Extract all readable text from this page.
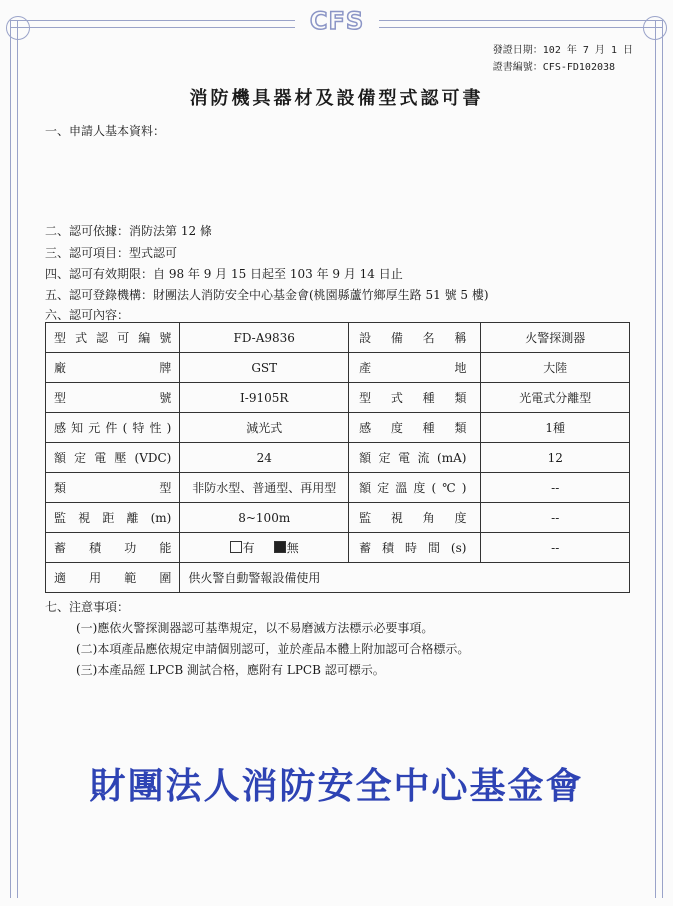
CFS
發證日期：102 年 7 月 1 日
證書編號：CFS-FD102038
消防機具器材及設備型式認可書
一、申請人基本資料：
二、認可依據：消防法第 12 條
三、認可項目：型式認可
四、認可有效期限：自 98 年 9 月 15 日起至 103 年 9 月 14 日止
五、認可登錄機構：財團法人消防安全中心基金會(桃園縣蘆竹鄉厚生路 51 號 5 樓)
六、認可內容：
型式認可編號	FD-A9836	設備名稱	火警探測器
廠牌	GST	產地	大陸
型號	I-9105R	型式種類	光電式分離型
感知元件(特性)	減光式	感度種類	1種
額定電壓(VDC)	24	額定電流(mA)	12
類型	非防水型、普通型、再用型	額定溫度(℃)	--
監視距離(m)	8~100m	監視角度	--
蓄積功能	有 無	蓄積時間(s)	--
適用範圍	供火警自動警報設備使用		
七、注意事項：
(一)應依火警探測器認可基準規定，以不易磨滅方法標示必要事項。
(二)本項產品應依規定申請個別認可，並於產品本體上附加認可合格標示。
(三)本產品經 LPCB 測試合格，應附有 LPCB 認可標示。
財團法人消防安全中心基金會
